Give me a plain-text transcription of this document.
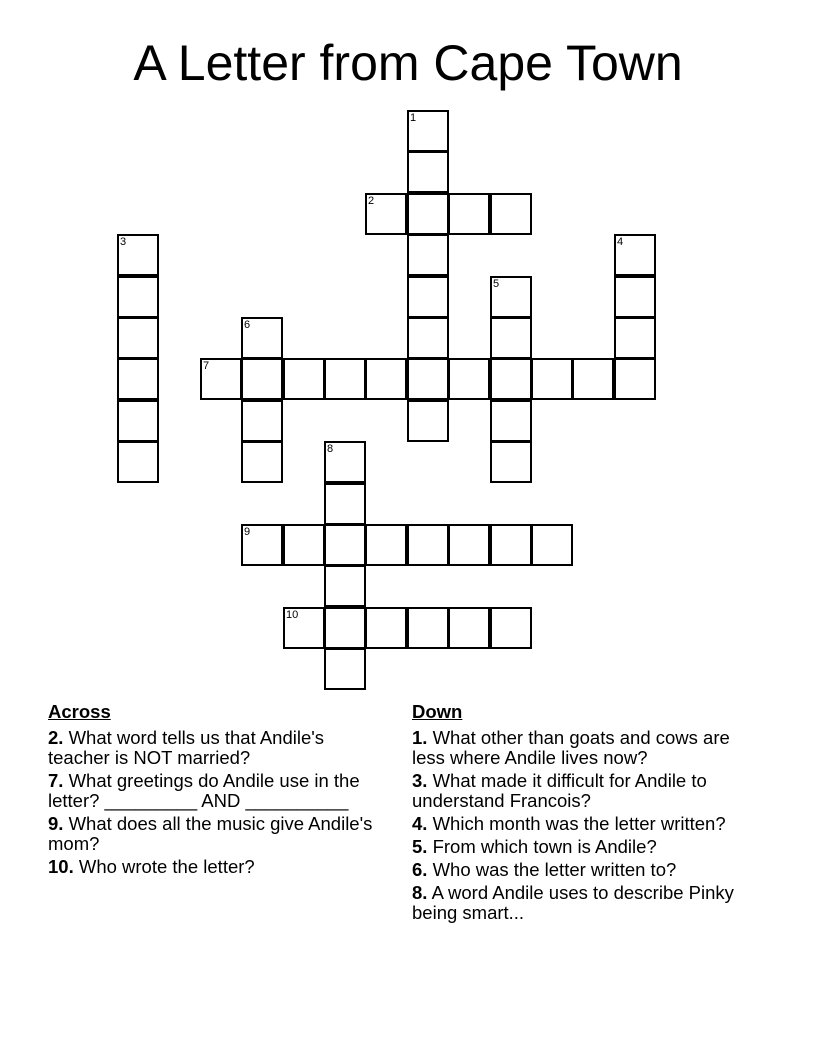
A Letter from Cape Town
1
2
3	4
5
6
7
8
9
10
Across
2. What word tells us that Andile's teacher is NOT married?
7. What greetings do Andile use in the letter? _________ AND __________
9. What does all the music give Andile's mom?
10. Who wrote the letter?
Down
1. What other than goats and cows are less where Andile lives now?
3. What made it difficult for Andile to understand Francois?
4. Which month was the letter written?
5. From which town is Andile?
6. Who was the letter written to?
8. A word Andile uses to describe Pinky being smart...
